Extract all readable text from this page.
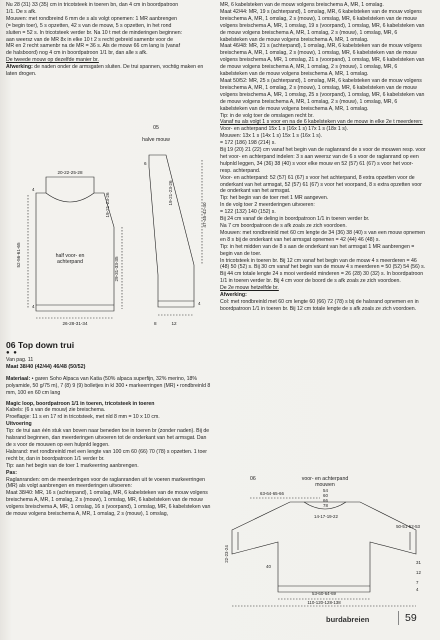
Nu 28 (31) 33 (35) cm in tricotsteek in toeren bn, dan 4 cm in boordpatroon

1/1. De s afk.

Mouwen: met rondbreind 6 mm de s als volgt opnemen: 1 MR aanbrengen

(= begin toer), 5 s opzetten, 42 s van de mouw, 5 s opzetten, in het rond

sluiten = 52 s. In tricotsteek verder br. Na 10 t met de minderingen beginnen:

aan weersz van de MR 8x in elke 10 t 2 s recht gebreid samenbr voor de

MR en 2 recht samenbr na de MR = 36 s. Als de mouw 66 cm lang is (vanaf

de halsboord) nog 4 cm in boordpatroon 1/1 br, dan alle s afk.

De tweede mouw op dezelfde manier br.

Afwerking: de naden onder de armsgaten sluiten. De trui spannen, vochtig maken en laten drogen.

20-22-25-28
52-56-61-65
19-21-23-26
29-31-33-35
26-28-31-34
47-45-42-40
19-21-23-26
12
4
4
6
4
8
05
halve mouw
half voor- en achterpand

06 Top down trui

● ●

Van pag. 11

Maat 38/40 (42/44) 46/48 (50/52)

Materiaal: • garen Soho Alpaca van Katia (50% alpaca superfijn, 32% merino, 18% polyamide, 50 g/75 m), 7 (8) 9 (9) bolletjes in kl 300 • markeerringen (MR) • rondbreinld 8 mm, 100 en 60 cm lang

Magic loop, boordpatroon 1/1 in toeren, tricotsteek in toeren

Kabels: (6 s van de mouw) zie breischema.

Proeflapje: 11 s en 17 rd in tricotsteek, met nld 8 mm = 10 x 10 cm.

Uitvoering

Tip: de trui aan één stuk van boven naar beneden toe in toeren br (zonder naden). Bij de halsrand beginnen, dan meerderingen uitvoeren tot de onderkant van het armsgat. Dan de s voor de mouwen op een hulpnld leggen.

Halsrand: met rondbreinld met een lengte van 100 cm 60 (66) 70 (78) s opzetten. 1 toer recht br, dan in boordpatroon 1/1 verder br.

Tip: aan het begin van de toer 1 markeerring aanbrengen.

Pas:

Raglanranden: om de meerderingen voor de raglanranden uit te voeren markeerringen (MR) als volgt aanbrengen en meerderingen uitvoeren:

Maat 38/40: MR, 16 s (achterpand), 1 omslag, MR, 6 kabelsteken van de mouw volgens breischema A, MR, 1 omslag, 2 s (mouw), 1 omslag, MR, 6 kabelsteken van de mouw volgens breischema A, MR, 1 omslag, 16 s (voorpand), 1 omslag, MR, 6 kabelsteken van de mouw volgens breischema A, MR, 1 omslag, 2 s (mouw), 1 omslag,

MR, 6 kabelsteken van de mouw volgens breischema A, MR, 1 omslag.

Maat 42/44: MR, 19 s (achterpand), 1 omslag, MR, 6 kabelsteken van de mouw volgens breischema A, MR, 1 omslag, 2 s (mouw), 1 omslag, MR, 6 kabelsteken van de mouw volgens breischema A, MR, 1 omslag, 19 s (voorpand), 1 omslag, MR, 6 kabelsteken van de mouw volgens breischema A, MR, 1 omslag, 2 s (mouw), 1 omslag, MR, 6 kabelsteken van de mouw volgens breischema A, MR, 1 omslag.

Maat 46/48: MR, 21 s (achterpand), 1 omslag, MR, 6 kabelsteken van de mouw volgens breischema A, MR, 1 omslag, 2 s (mouw), 1 omslag, MR, 6 kabelsteken van de mouw volgens breischema A, MR, 1 omslag, 21 s (voorpand), 1 omslag, MR, 6 kabelsteken van de mouw volgens breischema A, MR, 1 omslag, 2 s (mouw), 1 omslag, MR, 6 kabelsteken van de mouw volgens breischema A, MR, 1 omslag.

Maat 50/52: MR, 25 s (achterpand), 1 omslag, MR, 6 kabelsteken van de mouw volgens breischema A, MR, 1 omslag, 2 s (mouw), 1 omslag, MR, 6 kabelsteken van de mouw volgens breischema A, MR, 1 omslag, 25 s (voorpand), 1 omslag, MR, 6 kabelsteken van de mouw volgens breischema A, MR, 1 omslag, 2 s (mouw), 1 omslag, MR, 6 kabelsteken van de mouw volgens breischema A, MR, 1 omslag.

Tip: in de volg toer de omslagen recht br.

Vanaf nu als volgt 1 s voor en na de 6 kabelsteken van de mouw in elke 2e t meerderen:

Voor- en achterpand 15x 1 s (16x 1 s) 17x 1 s (18x 1 s).

Mouwen: 13x 1 s (14x 1 s) 15x 1 s (16x 1 s).

= 172 (186) 198 (214) s.

Bij 19 (20) 21 (22) cm vanaf het begin van de raglanrand de s voor de mouwen resp. voor het voor- en achterpand indelen: 3 s aan weersz van de 6 s voor de raglanrand op een hulpnld leggen, 34 (36) 38 (40) s voor elke mouw en 52 (57) 61 (67) s voor het voor- resp. achterpand.

Voor- en achterpand: 52 (57) 61 (67) s voor het achterpand, 8 extra opzetten voor de onderkant van het armsgat, 52 (57) 61 (67) s voor het voorpand, 8 s extra opzetten voor de onderkant van het armsgat.

Tip: het begin van de toer met 1 MR aangeven.

In de volg toer 2 meerderingen uitvoeren:

= 122 (132) 140 (152) s.

Bij 24 cm vanaf de deling in boordpatroon 1/1 in toeren verder br.

Na 7 cm boordpatroon de s afk zoals ze zich voordoen.

Mouwen: met rondbreinld met 60 cm lengte de 34 (36) 38 (40) s van een mouw opnemen en 8 s bij de onderkant van het armsgat opnemen = 42 (44) 46 (48) s.

Tip: in het midden van de 8 s aan de onderkant van het armsgat 1 MR aanbrengen = begin van de toer.

In tricotsteek in toeren br. Bij 12 cm vanaf het begin van de mouw 4 s meerderen = 46 (48) 50 (52) s. Bij 30 cm vanaf het begin van de mouw 4 s meerderen = 50 (52) 54 (56) s. Bij 44 cm totale lengte 24 s mooi verdeeld minderen = 26 (28) 30 (32) s. In boordpatroon 1/1 in toeren verder br. Bij 4 cm voor de boord de s afk zoals ze zich voordoen.

De 2e mouw hetzelfde br.

Afwerking:

Col: met rondbreinld met 60 cm lengte 60 (66) 72 (78) s bij de halsrand opnemen en in boordpatroon 1/1 in toeren br. Bij 12 cm totale lengte de s afk zoals ze zich voordoen.

06	voor- en achterpand mouwen
54
60
66
78
63-64-65-66
14-17-19-22
50-51-52-53
22-23-24	31
40
53-60-64-69
110-120-128-138
7
12
4
burdabreien	59
